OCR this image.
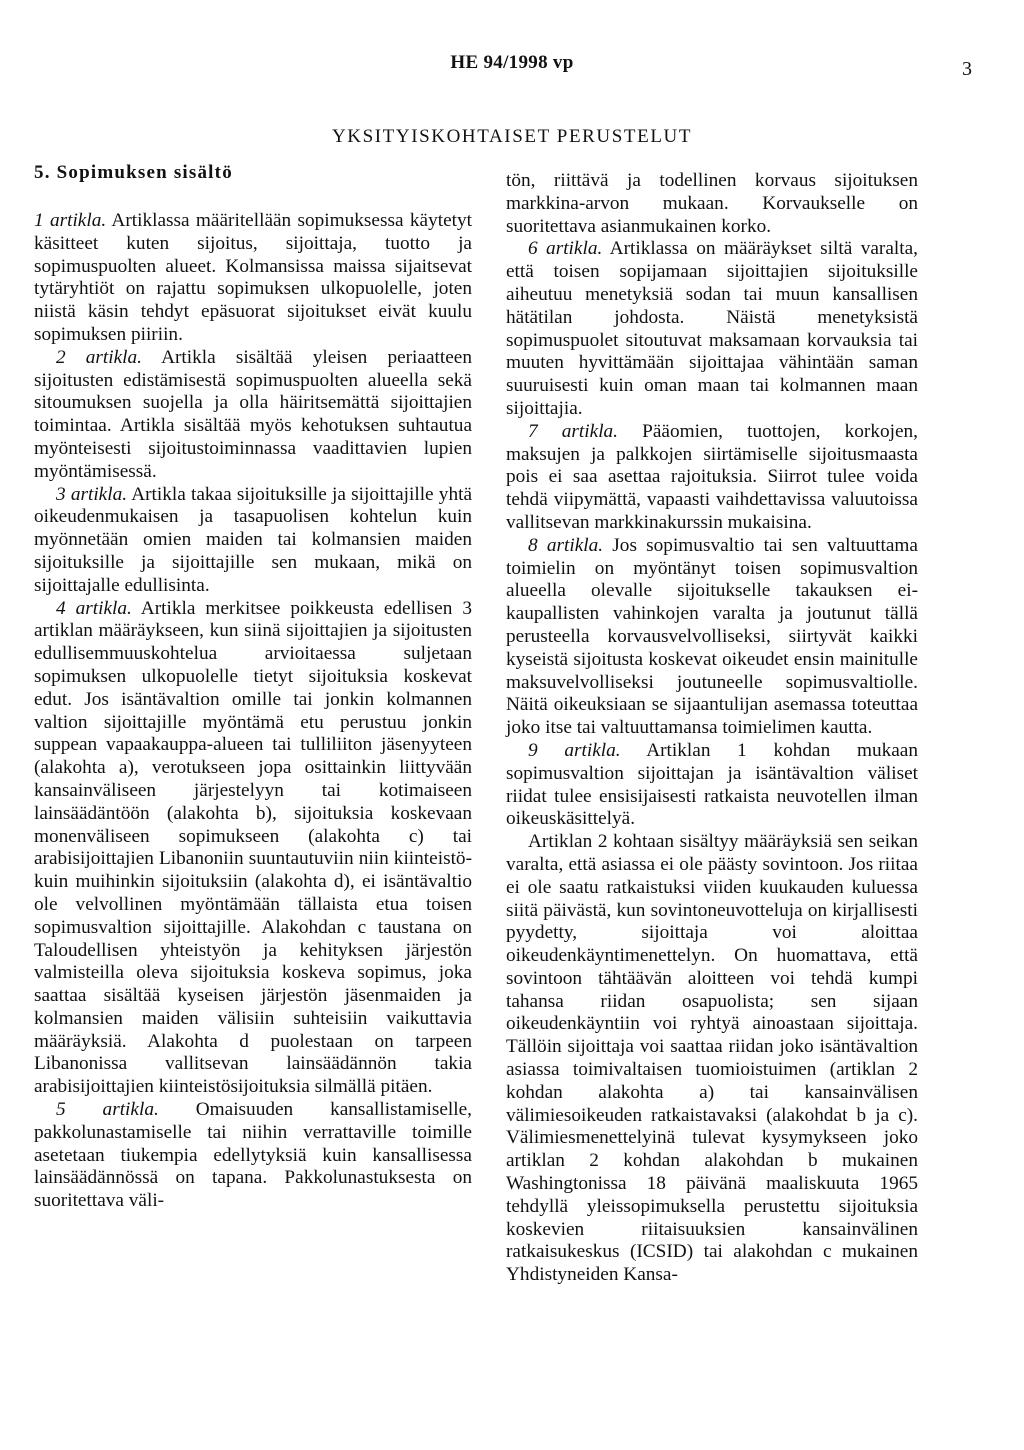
HE 94/1998 vp	3
YKSITYISKOHTAISET PERUSTELUT
5. Sopimuksen sisältö

1 artikla. Artiklassa määritellään sopimuksessa käytetyt käsitteet kuten sijoitus, sijoittaja, tuotto ja sopimuspuolten alueet. Kolmansissa maissa sijaitsevat tytäryhtiöt on rajattu sopimuksen ulkopuolelle, joten niistä käsin tehdyt epäsuorat sijoitukset eivät kuulu sopimuksen piiriin.

2 artikla. Artikla sisältää yleisen periaatteen sijoitusten edistämisestä sopimuspuolten alueella sekä sitoumuksen suojella ja olla häiritsemättä sijoittajien toimintaa. Artikla sisältää myös kehotuksen suhtautua myönteisesti sijoitustoiminnassa vaadittavien lupien myöntämisessä.

3 artikla. Artikla takaa sijoituksille ja sijoittajille yhtä oikeudenmukaisen ja tasapuolisen kohtelun kuin myönnetään omien maiden tai kolmansien maiden sijoituksille ja sijoittajille sen mukaan, mikä on sijoittajalle edullisinta.

4 artikla. Artikla merkitsee poikkeusta edellisen 3 artiklan määräykseen, kun siinä sijoittajien ja sijoitusten edullisemmuuskohtelua arvioitaessa suljetaan sopimuksen ulkopuolelle tietyt sijoituksia koskevat edut. Jos isäntävaltion omille tai jonkin kolmannen valtion sijoittajille myöntämä etu perustuu jonkin suppean vapaakauppa-alueen tai tulliliiton jäsenyyteen (alakohta a), verotukseen jopa osittainkin liittyvään kansainväliseen järjestelyyn tai kotimaiseen lainsäädäntöön (alakohta b), sijoituksia koskevaan monenväliseen sopimukseen (alakohta c) tai arabisijoittajien Libanoniin suuntautuviin niin kiinteistö- kuin muihinkin sijoituksiin (alakohta d), ei isäntävaltio ole velvollinen myöntämään tällaista etua toisen sopimusvaltion sijoittajille. Alakohdan c taustana on Taloudellisen yhteistyön ja kehityksen järjestön valmisteilla oleva sijoituksia koskeva sopimus, joka saattaa sisältää kyseisen järjestön jäsenmaiden ja kolmansien maiden välisiin suhteisiin vaikuttavia määräyksiä. Alakohta d puolestaan on tarpeen Libanonissa vallitsevan lainsäädännön takia arabisijoittajien kiinteistösijoituksia silmällä pitäen.

5 artikla. Omaisuuden kansallistamiselle, pakkolunastamiselle tai niihin verrattaville toimille asetetaan tiukempia edellytyksiä kuin kansallisessa lainsäädännössä on tapana. Pakkolunastuksesta on suoritettava väli-

tön, riittävä ja todellinen korvaus sijoituksen markkina-arvon mukaan. Korvaukselle on suoritettava asianmukainen korko.

6 artikla. Artiklassa on määräykset siltä varalta, että toisen sopijamaan sijoittajien sijoituksille aiheutuu menetyksiä sodan tai muun kansallisen hätätilan johdosta. Näistä menetyksistä sopimuspuolet sitoutuvat maksamaan korvauksia tai muuten hyvittämään sijoittajaa vähintään saman suuruisesti kuin oman maan tai kolmannen maan sijoittajia.

7 artikla. Pääomien, tuottojen, korkojen, maksujen ja palkkojen siirtämiselle sijoitusmaasta pois ei saa asettaa rajoituksia. Siirrot tulee voida tehdä viipymättä, vapaasti vaihdettavissa valuutoissa vallitsevan markkinakurssin mukaisina.

8 artikla. Jos sopimusvaltio tai sen valtuuttama toimielin on myöntänyt toisen sopimusvaltion alueella olevalle sijoitukselle takauksen ei-kaupallisten vahinkojen varalta ja joutunut tällä perusteella korvausvelvolliseksi, siirtyvät kaikki kyseistä sijoitusta koskevat oikeudet ensin mainitulle maksuvelvolliseksi joutuneelle sopimusvaltiolle. Näitä oikeuksiaan se sijaantulijan asemassa toteuttaa joko itse tai valtuuttamansa toimielimen kautta.

9 artikla. Artiklan 1 kohdan mukaan sopimusvaltion sijoittajan ja isäntävaltion väliset riidat tulee ensisijaisesti ratkaista neuvotellen ilman oikeuskäsittelyä.

Artiklan 2 kohtaan sisältyy määräyksiä sen seikan varalta, että asiassa ei ole päästy sovintoon. Jos riitaa ei ole saatu ratkaistuksi viiden kuukauden kuluessa siitä päivästä, kun sovintoneuvotteluja on kirjallisesti pyydetty, sijoittaja voi aloittaa oikeudenkäyntimenettelyn. On huomattava, että sovintoon tähtäävän aloitteen voi tehdä kumpi tahansa riidan osapuolista; sen sijaan oikeudenkäyntiin voi ryhtyä ainoastaan sijoittaja. Tällöin sijoittaja voi saattaa riidan joko isäntävaltion asiassa toimivaltaisen tuomioistuimen (artiklan 2 kohdan alakohta a) tai kansainvälisen välimiesoikeuden ratkaistavaksi (alakohdat b ja c). Välimiesmenettelyinä tulevat kysymykseen joko artiklan 2 kohdan alakohdan b mukainen Washingtonissa 18 päivänä maaliskuuta 1965 tehdyllä yleissopimuksella perustettu sijoituksia koskevien riitaisuuksien kansainvälinen ratkaisukeskus (ICSID) tai alakohdan c mukainen Yhdistyneiden Kansa-
